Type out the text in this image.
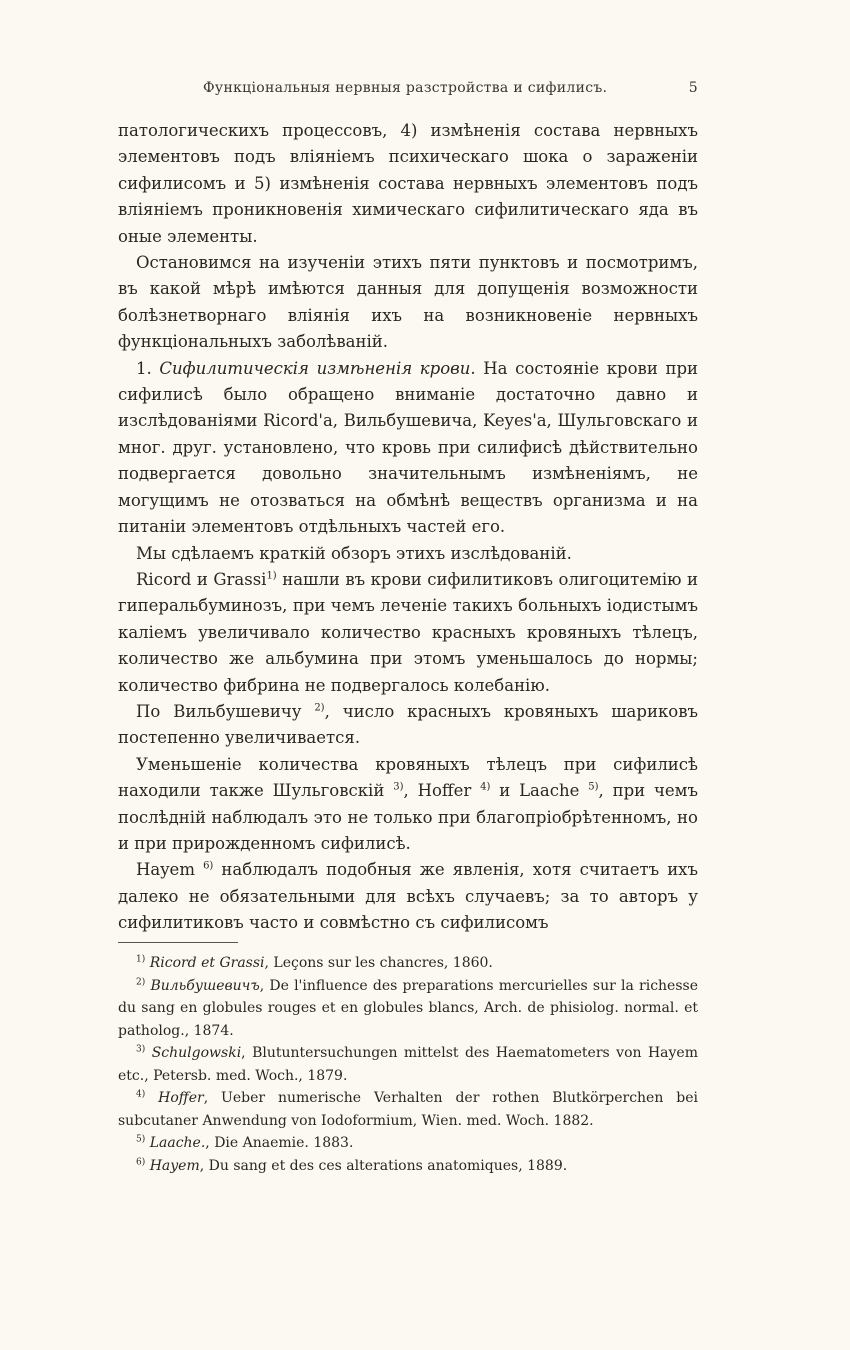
Функціональныя нервныя разстройства и сифилисъ.	5

патологическихъ процессовъ, 4) измѣненія состава нервныхъ элементовъ подъ вліяніемъ психическаго шока о зараженіи сифилисомъ и 5) измѣненія состава нервныхъ элементовъ подъ вліяніемъ проникновенія химическаго сифилитическаго яда въ оные элементы.

Остановимся на изученіи этихъ пяти пунктовъ и посмотримъ, въ какой мѣрѣ имѣются данныя для допущенія возможности болѣзнетворнаго вліянія ихъ на возникновеніе нервныхъ функціональныхъ заболѣваній.

1. Сифилитическія измѣненія крови. На состояніе крови при сифилисѣ было обращено вниманіе достаточно давно и изслѣдованіями Ricord'а, Вильбушевича, Keyes'а, Шульговскаго и мног. друг. установлено, что кровь при силифисѣ дѣйствительно подвергается довольно значительнымъ измѣненіямъ, не могущимъ не отозваться на обмѣнѣ веществъ организма и на питаніи элементовъ отдѣльныхъ частей его.

Мы сдѣлаемъ краткій обзоръ этихъ изслѣдованій.

Ricord и Grassi$^{1)}$ нашли въ крови сифилитиковъ олигоцитемію и гиперальбуминозъ, при чемъ леченіе такихъ больныхъ іодистымъ каліемъ увеличивало количество красныхъ кровяныхъ тѣлецъ, количество же альбумина при этомъ уменьшалось до нормы; количество фибрина не подвергалось колебанію.

По Вильбушевичу $^{2)}$, число красныхъ кровяныхъ шариковъ постепенно увеличивается.

Уменьшеніе количества кровяныхъ тѣлецъ при сифилисѣ находили также Шульговскій $^{3)}$, Hoffer $^{4)}$ и Laache $^{5)}$, при чемъ послѣдній наблюдалъ это не только при благопріобрѣтенномъ, но и при прирожденномъ сифилисѣ.

Hayem $^{6)}$ наблюдалъ подобныя же явленія, хотя считаетъ ихъ далеко не обязательными для всѣхъ случаевъ; за то авторъ у сифилитиковъ часто и совмѣстно съ сифилисомъ

$^{1)}$ Ricord et Grassi, Leçons sur les chancres, 1860.

$^{2)}$ Вильбушевичъ, De l'influence des preparations mercurielles sur la richesse du sang en globules rouges et en globules blancs, Arch. de phisiolog. normal. et patholog., 1874.

$^{3)}$ Schulgowski, Blutuntersuchungen mittelst des Haematometers von Hayem etc., Petersb. med. Woch., 1879.

$^{4)}$ Hoffer, Ueber numerische Verhalten der rothen Blutkörperchen bei subcutaner Anwendung von Iodoformium, Wien. med. Woch. 1882.

$^{5)}$ Laache., Die Anaemie. 1883.

$^{6)}$ Hayem, Du sang et des ces alterations anatomiques, 1889.
